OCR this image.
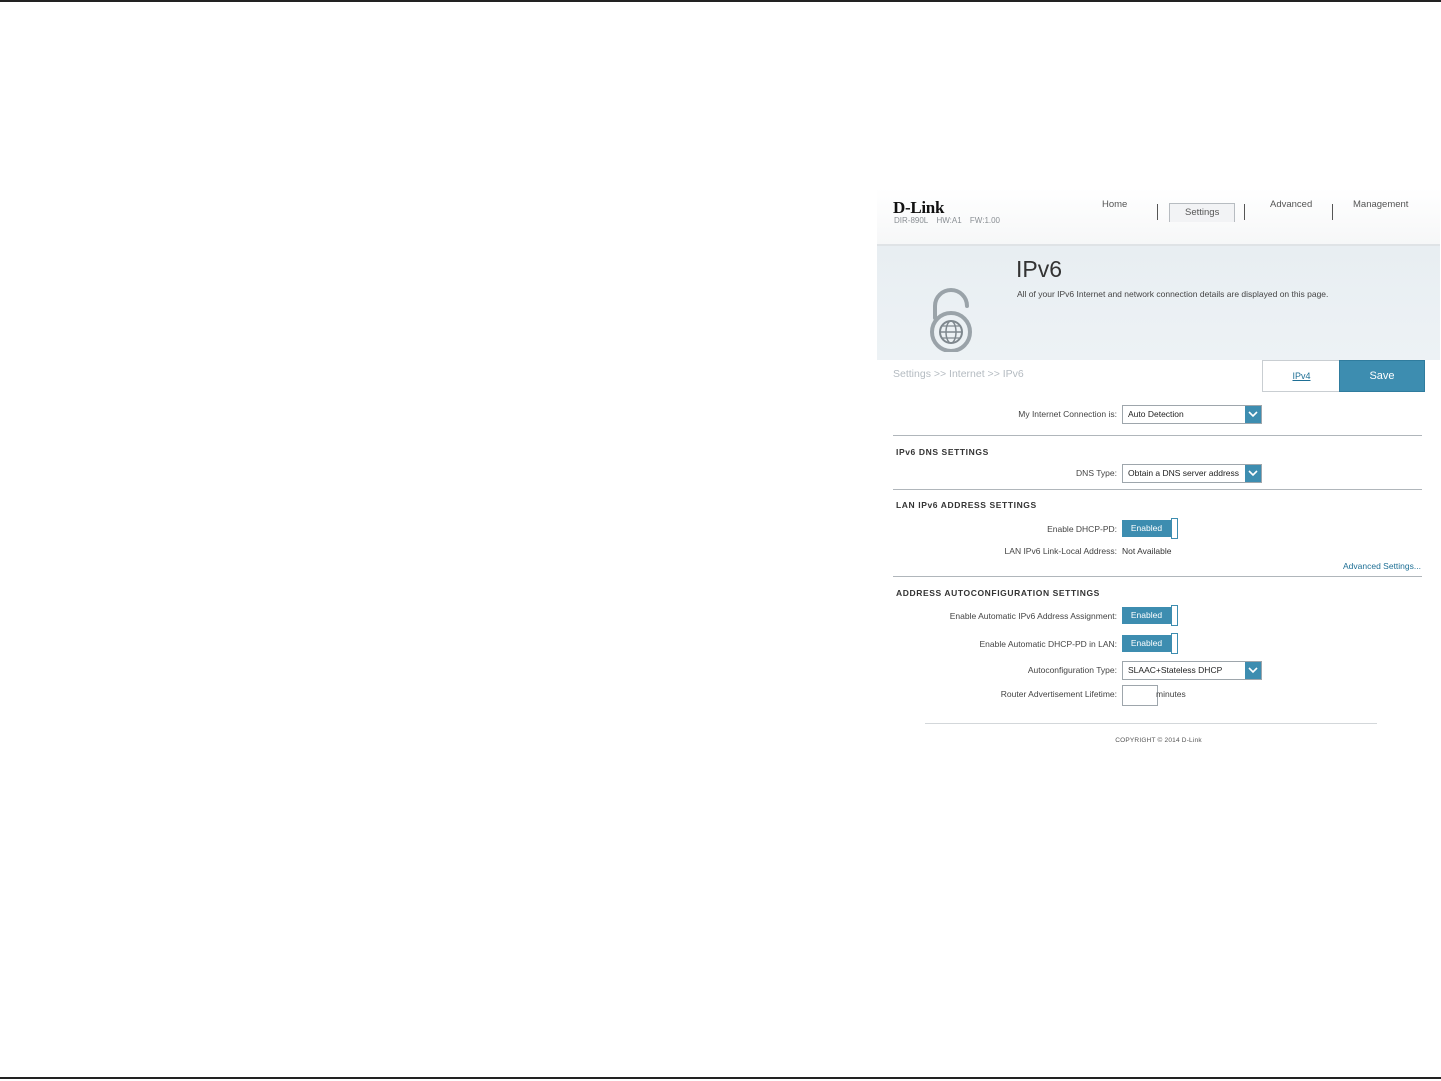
D-Link
DIR-890L HW:A1 FW:1.00
Home
Settings
Advanced	Management
IPv6
All of your IPv6 Internet and network connection details are displayed on this page.
Settings >> Internet >> IPv6	IPv4	Save
My Internet Connection is: Auto Detection
IPv6 DNS SETTINGS
DNS Type: Obtain a DNS server address
LAN IPv6 ADDRESS SETTINGS
Enable DHCP-PD:	Enabled
LAN IPv6 Link-Local Address: Not Available
Advanced Settings...
ADDRESS AUTOCONFIGURATION SETTINGS
Enable Automatic IPv6 Address Assignment:	Enabled
Enable Automatic DHCP-PD in LAN:	Enabled
Autoconfiguration Type: SLAAC+Stateless DHCP
Router Advertisement Lifetime:	minutes
COPYRIGHT © 2014 D-Link
